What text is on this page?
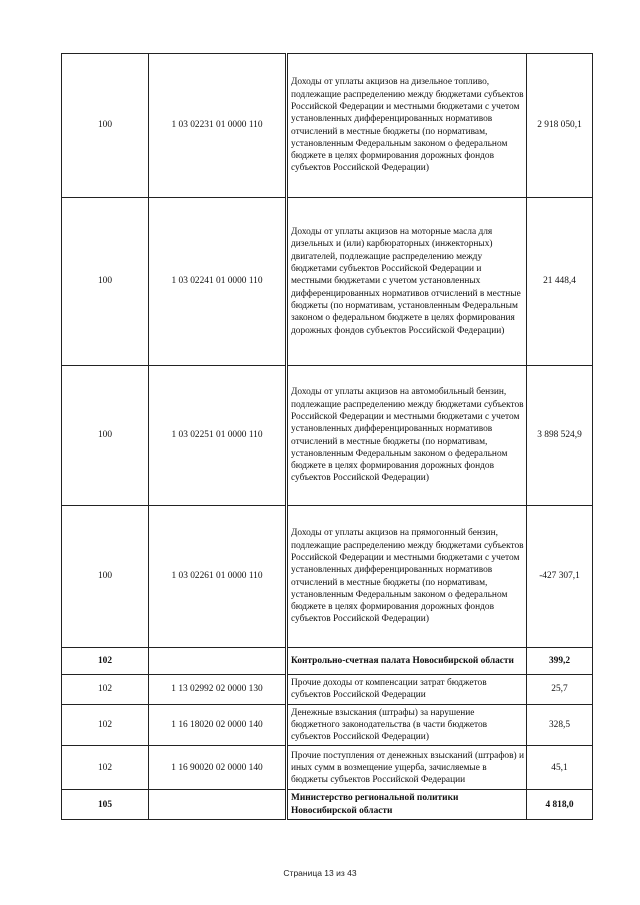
100	1 03 02231 01 0000 110	Доходы от уплаты акцизов на дизельное топливо, подлежащие распределению между бюджетами субъектов Российской Федерации и местными бюджетами с учетом установленных дифференцированных нормативов отчислений в местные бюджеты (по нормативам, установленным Федеральным законом о федеральном бюджете в целях формирования дорожных фондов субъектов Российской Федерации)	2 918 050,1
100	1 03 02241 01 0000 110	Доходы от уплаты акцизов на моторные масла для дизельных и (или) карбюраторных (инжекторных) двигателей, подлежащие распределению между бюджетами субъектов Российской Федерации и местными бюджетами с учетом установленных дифференцированных нормативов отчислений в местные бюджеты (по нормативам, установленным Федеральным законом о федеральном бюджете в целях формирования дорожных фондов субъектов Российской Федерации)	21 448,4
100	1 03 02251 01 0000 110	Доходы от уплаты акцизов на автомобильный бензин, подлежащие распределению между бюджетами субъектов Российской Федерации и местными бюджетами с учетом установленных дифференцированных нормативов отчислений в местные бюджеты (по нормативам, установленным Федеральным законом о федеральном бюджете в целях формирования дорожных фондов субъектов Российской Федерации)	3 898 524,9
100	1 03 02261 01 0000 110	Доходы от уплаты акцизов на прямогонный бензин, подлежащие распределению между бюджетами субъектов Российской Федерации и местными бюджетами с учетом установленных дифференцированных нормативов отчислений в местные бюджеты (по нормативам, установленным Федеральным законом о федеральном бюджете в целях формирования дорожных фондов субъектов Российской Федерации)	-427 307,1
102		Контрольно-счетная палата Новосибирской области	399,2
102	1 13 02992 02 0000 130	Прочие доходы от компенсации затрат бюджетов субъектов Российской Федерации	25,7
102	1 16 18020 02 0000 140	Денежные взыскания (штрафы) за нарушение бюджетного законодательства (в части бюджетов субъектов Российской Федерации)	328,5
102	1 16 90020 02 0000 140	Прочие поступления от денежных взысканий (штрафов) и иных сумм в возмещение ущерба, зачисляемые в бюджеты субъектов Российской Федерации	45,1
105		Министерство региональной политики Новосибирской области	4 818,0
Страница 13 из 43
